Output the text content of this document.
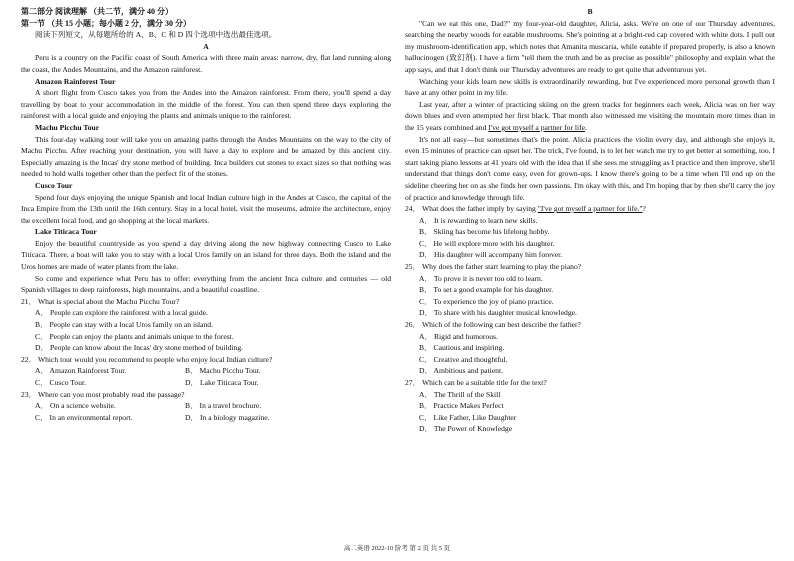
第二部分 阅读理解 （共二节，满分 40 分）

第一节 （共 15 小题；每小题 2 分，满分 30 分）

阅读下列短文，从每题所给的 A、B、C 和 D 四个选项中选出最佳选项。

A

Peru is a country on the Pacific coast of South America with three main areas: narrow, dry, flat land running along the coast, the Andes Mountains, and the Amazon rainforest.

Amazon Rainforest Tour

A short flight from Cusco takes you from the Andes into the Amazon rainforest. From there, you'll spend a day travelling by boat to your accommodation in the middle of the forest. You can then spend three days exploring the rainforest with a local guide and enjoying the plants and animals unique to the rainforest.

Machu Picchu Tour

This four-day walking tour will take you on amazing paths through the Andes Mountains on the way to the city of Machu Picchu. After reaching your destination, you will have a day to explore and be amazed by this ancient city. Especially amazing is the Incas' dry stone method of building. Inca builders cut stones to exact sizes so that nothing was needed to hold walls together other than the perfect fit of the stones.

Cusco Tour

Spend four days enjoying the unique Spanish and local Indian culture high in the Andes at Cusco, the capital of the Inca Empire from the 13th until the 16th century. Stay in a local hotel, visit the museums, admire the architecture, enjoy the excellent local food, and go shopping at the local markets.

Lake Titicaca Tour

Enjoy the beautiful countryside as you spend a day driving along the new highway connecting Cusco to Lake Titicaca. There, a boat will take you to stay with a local Uros family on an island for three days. Both the island and the Uros homes are made of water plants from the lake.

So come and experience what Peru has to offer: everything from the ancient Inca culture and centuries — old Spanish villages to deep rainforests, high mountains, and a beautiful coastline.

21． What is special about the Machu Picchu Tour?

A． People can explore the rainforest with a local guide.

B． People can stay with a local Uros family on an island.

C． People can enjoy the plants and animals unique to the forest.

D． People can know about the Incas' dry stone method of building.

22． Which tour would you recommend to people who enjoy local Indian culture?

A． Amazon Rainforest Tour.	B． Machu Picchu Tour.
C． Cusco Tour.	D． Lake Titicaca Tour.

23． Where can you most probably read the passage?

A． On a science website.	B． In a travel brochure.
C． In an environmental report.	D． In a biology magazine.

B

"Can we eat this one, Dad?" my four-year-old daughter, Alicia, asks. We're on one of our Thursday adventures, searching the nearby woods for eatable mushrooms. She's pointing at a bright-red cap covered with white dots. I pull out my mushroom-identification app, which notes that Amanita muscaria, while eatable if prepared properly, is also a known hallucinogen (致幻剂). I have a firm "tell them the truth and be as precise as possible" philosophy and explain what the app says, and that I don't think our Thursday adventures are ready to get quite that adventurous yet.

Watching your kids learn new skills is extraordinarily rewarding, but I've experienced more personal growth than I have at any other point in my life.

Last year, after a winter of practicing skiing on the green tracks for beginners each week, Alicia was on her way down blues and even attempted her first black. That month also witnessed me visiting the mountain more times than in the 15 years combined and I've got myself a partner for life.

It's not all easy—but sometimes that's the point. Alicia practices the violin every day, and although she enjoys it, even 15 minutes of practice can upset her. The trick, I've found, is to let her watch me try to get better at something, too. I start taking piano lessons at 41 years old with the idea that if she sees me struggling as I practice and then improve, she'll understand that things don't come easy, even for grown-ups. I know there's going to be a time when I'll end up on the sideline cheering her on as she finds her own passions. I'm okay with this, and I'm hoping that by then she'll carry the joy of practice and knowledge through life.

24． What does the father imply by saying "I've got myself a partner for life."?

A． It is rewarding to learn new skills.

B． Skiing has become his lifelong hobby.

C． He will explore more with his daughter.

D． His daughter will accompany him forever.

25． Why does the father start learning to play the piano?

A． To prove it is never too old to learn.

B． To set a good example for his daughter.

C． To experience the joy of piano practice.

D． To share with his daughter musical knowledge.

26． Which of the following can best describe the father?

A． Rigid and humorous.

B． Cautious and inspiring.

C． Creative and thoughtful.

D． Ambitious and patient.

27． Which can be a suitable title for the text?

A． The Thrill of the Skill

B． Practice Makes Perfect

C． Like Father, Like Daughter

D． The Power of Knowledge

高二英语 2022-10 阶考 第 2 页 共 5 页
